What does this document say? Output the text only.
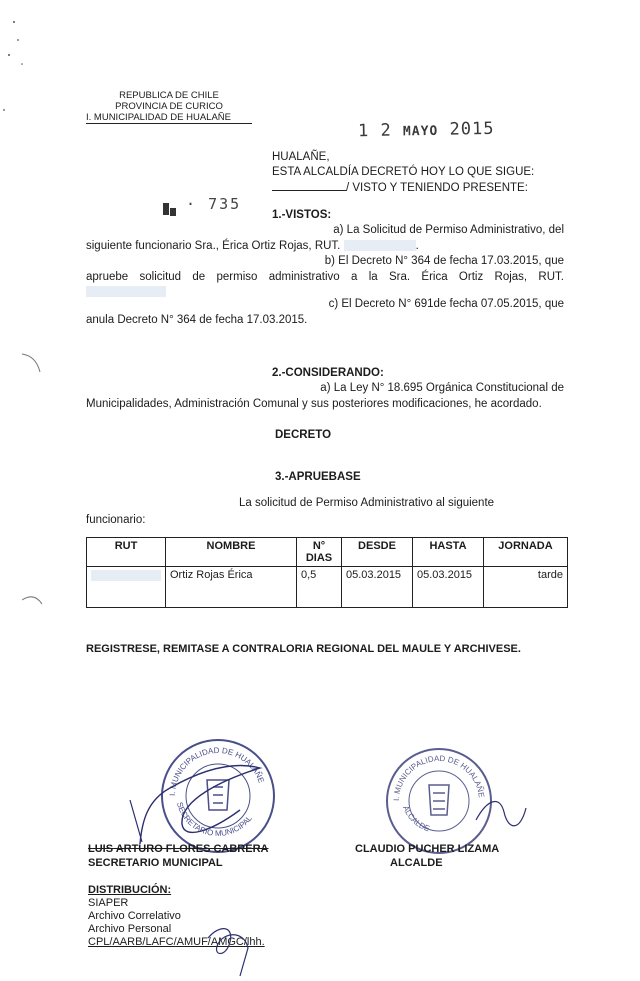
REPUBLICA DE CHILE
PROVINCIA DE CURICO
I. MUNICIPALIDAD DE HUALAÑE
1 2 MAYO 2015
HUALAÑE,
ESTA ALCALDÍA DECRETÓ HOY LO QUE SIGUE:
/ VISTO Y TENIENDO PRESENTE:
· 735
1.-VISTOS:
a) La Solicitud de Permiso Administrativo, del
siguiente funcionario Sra., Érica Ortiz Rojas, RUT.	.
b) El Decreto N° 364 de fecha 17.03.2015, que
apruebe solicitud de permiso administrativo a la Sra. Érica Ortiz Rojas, RUT.
c) El Decreto N° 691de fecha 07.05.2015, que
anula Decreto N° 364 de fecha 17.03.2015.
2.-CONSIDERANDO:
a) La Ley N° 18.695 Orgánica Constitucional de
Municipalidades, Administración Comunal y sus posteriores modificaciones, he acordado.
DECRETO
3.-APRUEBASE
La solicitud de Permiso Administrativo al siguiente
funcionario:
RUT	NOMBRE	N° DIAS	DESDE	HASTA	JORNADA
	Ortiz Rojas Érica	0,5	05.03.2015	05.03.2015	tarde
REGISTRESE, REMITASE A CONTRALORIA REGIONAL DEL MAULE Y ARCHIVESE.
I. MUNICIPALIDAD DE HUALAÑE
SECRETARIO MUNICIPAL
I. MUNICIPALIDAD DE HUALAÑE
ALCALDE
LUIS ARTURO FLORES CABRERA
SECRETARIO MUNICIPAL
CLAUDIO PUCHER LIZAMA
ALCALDE
DISTRIBUCIÓN:
SIAPER
Archivo Correlativo
Archivo Personal
CPL/AARB/LAFC/AMUF/AMGC/lhh.
